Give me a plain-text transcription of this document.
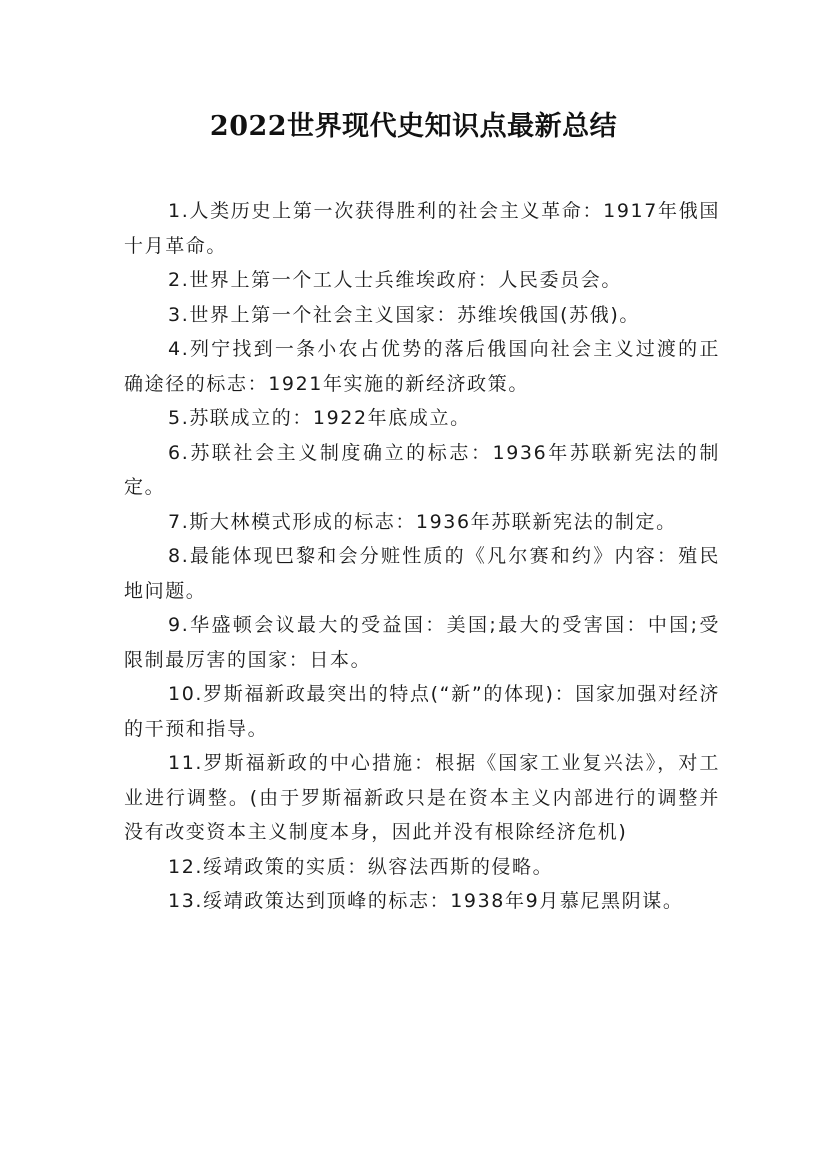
2022世界现代史知识点最新总结

1.人类历史上第一次获得胜利的社会主义革命：1917年俄国十月革命。

2.世界上第一个工人士兵维埃政府：人民委员会。

3.世界上第一个社会主义国家：苏维埃俄国(苏俄)。

4.列宁找到一条小农占优势的落后俄国向社会主义过渡的正确途径的标志：1921年实施的新经济政策。

5.苏联成立的：1922年底成立。

6.苏联社会主义制度确立的标志：1936年苏联新宪法的制定。

7.斯大林模式形成的标志：1936年苏联新宪法的制定。

8.最能体现巴黎和会分赃性质的《凡尔赛和约》内容：殖民地问题。

9.华盛顿会议最大的受益国：美国;最大的受害国：中国;受限制最厉害的国家：日本。

10.罗斯福新政最突出的特点(“新”的体现)：国家加强对经济的干预和指导。

11.罗斯福新政的中心措施：根据《国家工业复兴法》，对工业进行调整。(由于罗斯福新政只是在资本主义内部进行的调整并没有改变资本主义制度本身，因此并没有根除经济危机)

12.绥靖政策的实质：纵容法西斯的侵略。

13.绥靖政策达到顶峰的标志：1938年9月慕尼黑阴谋。
